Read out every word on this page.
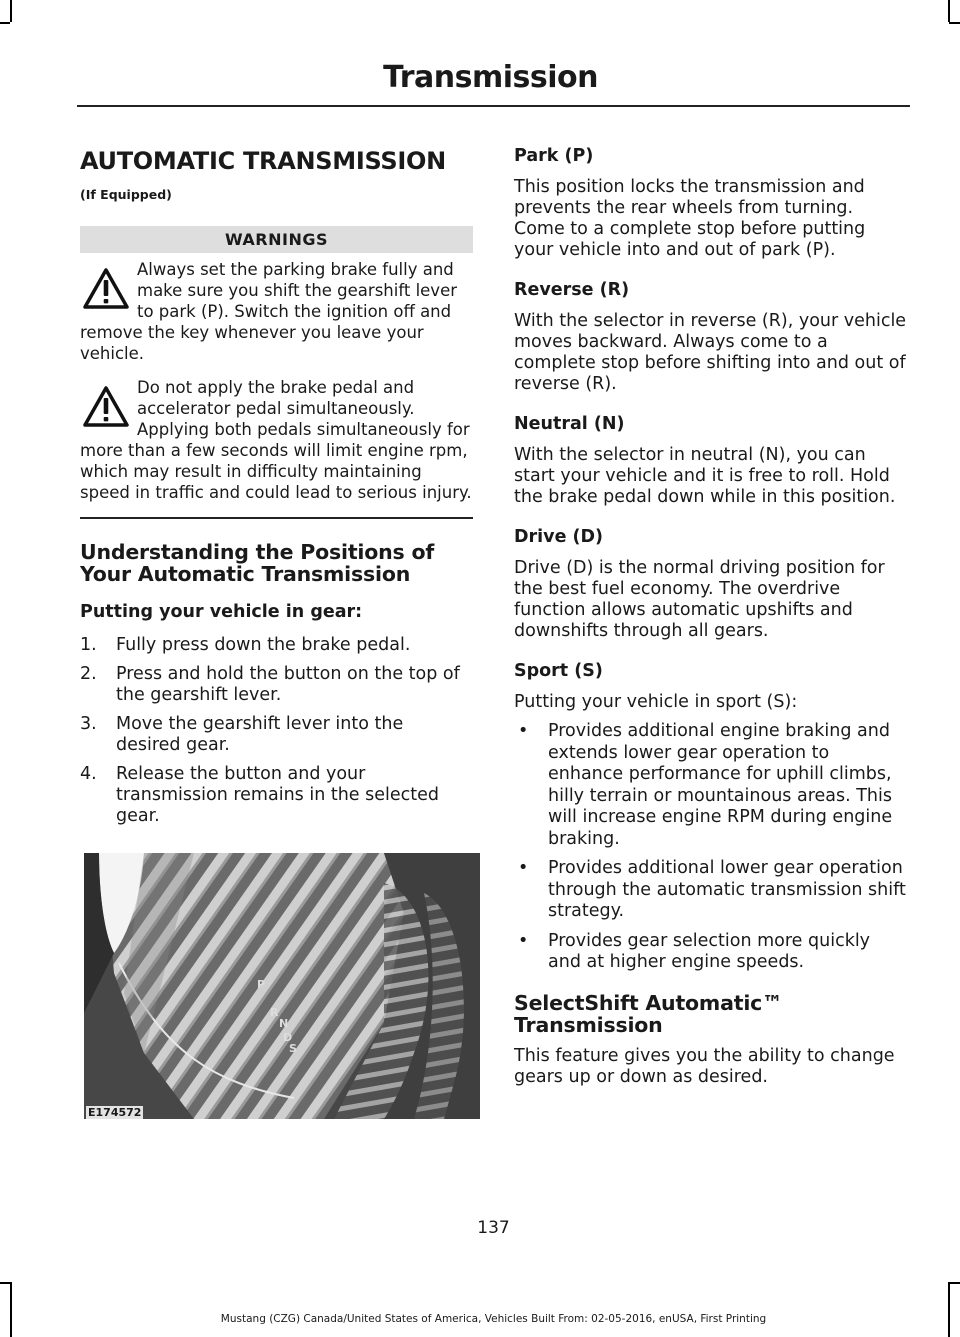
Transmission
AUTOMATIC TRANSMISSION
(If Equipped)
WARNINGS
Always set the parking brake fully and make sure you shift the gearshift lever to park (P). Switch the ignition off and remove the key whenever you leave your vehicle.
Do not apply the brake pedal and accelerator pedal simultaneously. Applying both pedals simultaneously for more than a few seconds will limit engine rpm, which may result in difficulty maintaining speed in traffic and could lead to serious injury.
Understanding the Positions of Your Automatic Transmission
Putting your vehicle in gear:
1. Fully press down the brake pedal.
2. Press and hold the button on the top of the gearshift lever.
3. Move the gearshift lever into the desired gear.
4. Release the button and your transmission remains in the selected gear.
P
R
N
D
S
E174572
Park (P)

This position locks the transmission and prevents the rear wheels from turning. Come to a complete stop before putting your vehicle into and out of park (P).

Reverse (R)

With the selector in reverse (R), your vehicle moves backward. Always come to a complete stop before shifting into and out of reverse (R).

Neutral (N)

With the selector in neutral (N), you can start your vehicle and it is free to roll. Hold the brake pedal down while in this position.

Drive (D)

Drive (D) is the normal driving position for the best fuel economy. The overdrive function allows automatic upshifts and downshifts through all gears.

Sport (S)

Putting your vehicle in sport (S):

• Provides additional engine braking and extends lower gear operation to enhance performance for uphill climbs, hilly terrain or mountainous areas. This will increase engine RPM during engine braking.
• Provides additional lower gear operation through the automatic transmission shift strategy.
• Provides gear selection more quickly and at higher engine speeds.
SelectShift Automatic™ Transmission

This feature gives you the ability to change gears up or down as desired.

137
Mustang (CZG) Canada/United States of America, Vehicles Built From: 02-05-2016, enUSA, First Printing
